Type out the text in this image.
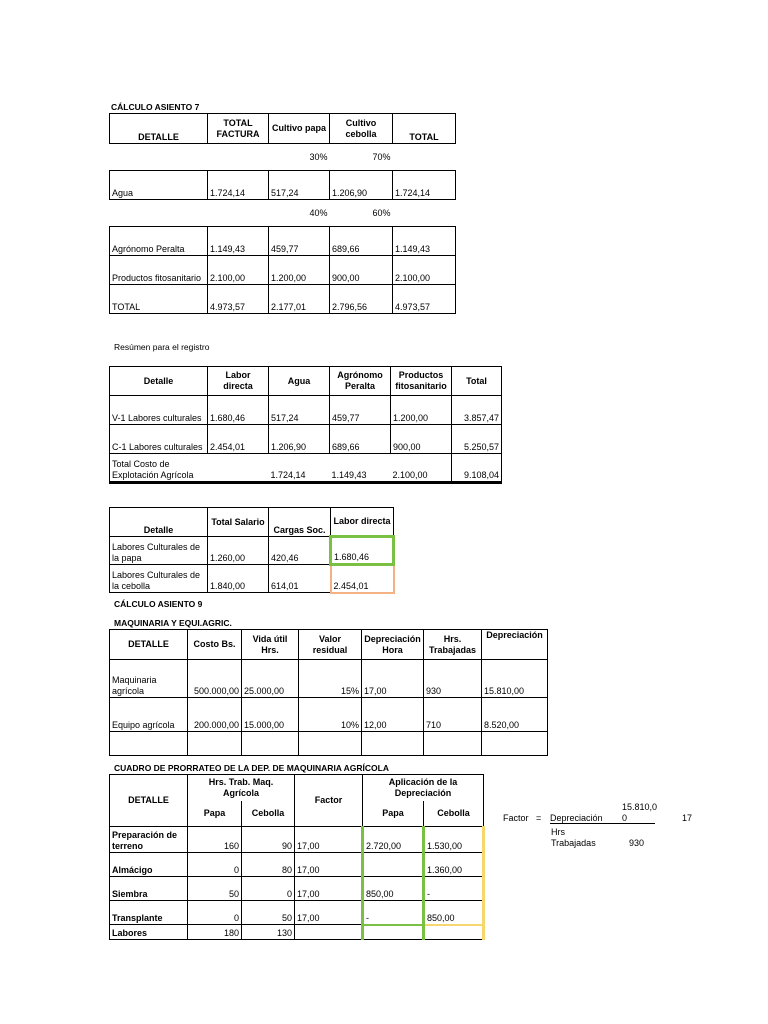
CÁLCULO ASIENTO 7
DETALLE	TOTAL FACTURA	Cultivo papa	Cultivo cebolla	TOTAL
		30%	70%	
Agua	1.724,14	517,24	1.206,90	1.724,14
		40%	60%	
Agrónomo Peralta	1.149,43	459,77	689,66	1.149,43
Productos fitosanitario	2.100,00	1.200,00	900,00	2.100,00
TOTAL	4.973,57	2.177,01	2.796,56	4.973,57
Resúmen para el registro
Detalle	Labor directa	Agua	Agrónomo Peralta	Productos fitosanitario	Total
V-1 Labores culturales	1.680,46	517,24	459,77	1.200,00	3.857,47
C-1 Labores culturales	2.454,01	1.206,90	689,66	900,00	5.250,57
Total Costo de Explotación Agrícola		1.724,14	1.149,43	2.100,00	9.108,04
Detalle	Total Salario	Cargas Soc.	Labor directa
Labores Culturales de la papa	1.260,00	420,46	1.680,46
Labores Culturales de la cebolla	1.840,00	614,01	2.454,01
CÁLCULO ASIENTO 9
MAQUINARIA Y EQUI.AGRIC.
DETALLE	Costo Bs.	Vida útil Hrs.	Valor residual	Depreciación Hora	Hrs. Trabajadas	Depreciación
Maquinaria agrícola	500.000,00	25.000,00	15%	17,00	930	15.810,00
Equipo agrícola	200.000,00	15.000,00	10%	12,00	710	8.520,00

CUADRO DE PRORRATEO DE LA DEP. DE MAQUINARIA AGRÍCOLA
DETALLE	Hrs. Trab. Maq. Agrícola		Factor	Aplicación de la Depreciación	
	Papa	Cebolla		Papa	Cebolla
Preparación de terreno	160	90	17,00	2.720,00	1.530,00
Almácigo	0	80	17,00		1.360,00
Siembra	50	0	17,00	850,00	-
Transplante	0	50	17,00	-	850,00
Labores	180	130			
Factor =
15.810,00
Depreciación
Hrs Trabajadas	930
17
